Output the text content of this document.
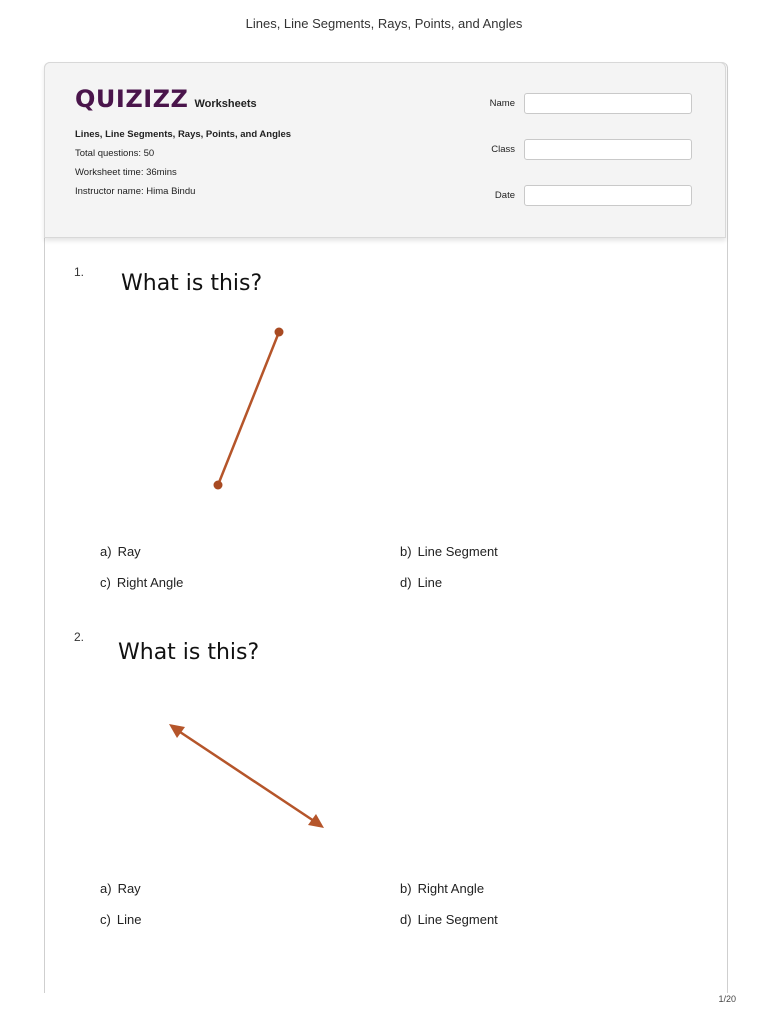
Lines, Line Segments, Rays, Points, and Angles
QUIZIZZ Worksheets
Lines, Line Segments, Rays, Points, and Angles
Total questions: 50
Worksheet time: 36mins
Instructor name: Hima Bindu
Name
Class
Date
1. What is this?
a) Ray	b) Line Segment
c) Right Angle	d) Line
2.
What is this?
a) Ray	b) Right Angle
c) Line	d) Line Segment
1/20
